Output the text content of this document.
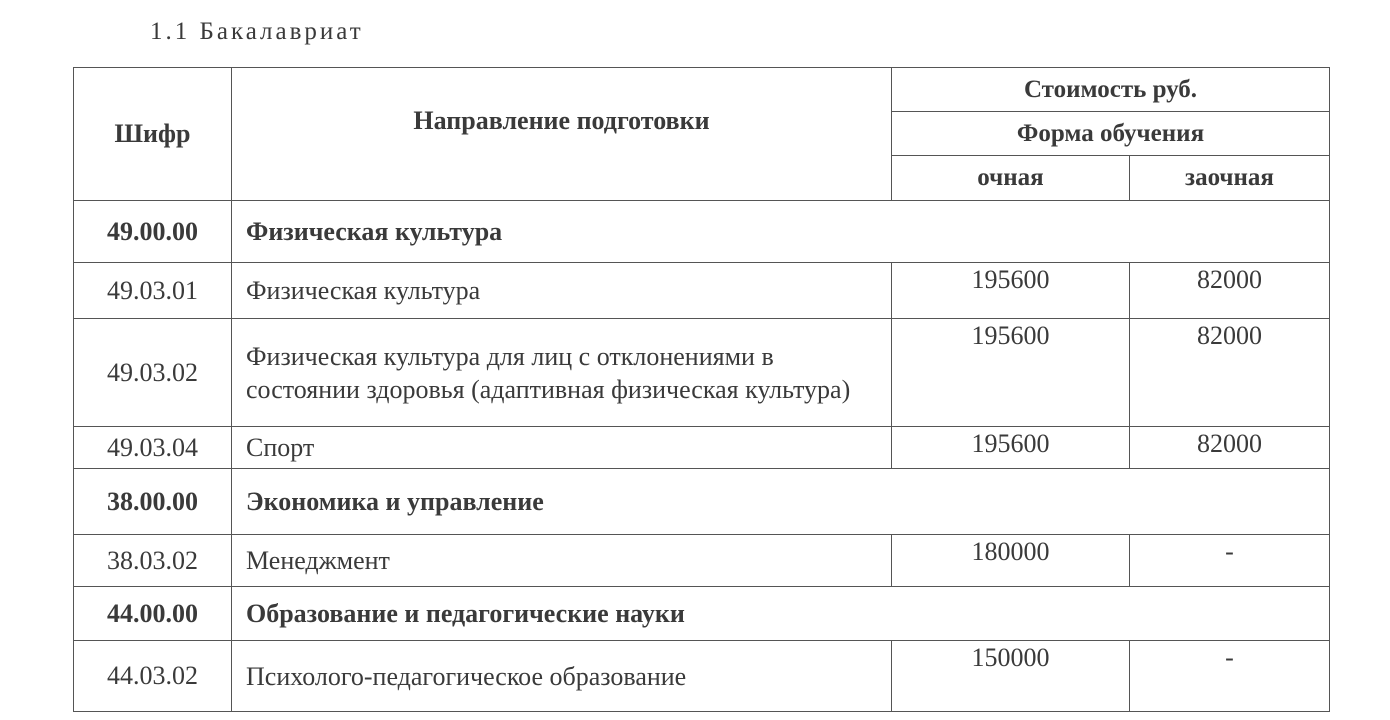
1.1 Бакалавриат
Шифр	Направление подготовки	Стоимость руб.	
		Форма обучения	
		очная	заочная
49.00.00	Физическая культура		
49.03.01	Физическая культура	195600	82000
49.03.02	Физическая культура для лиц с отклонениями в состоянии здоровья (адаптивная физическая культура)	195600	82000
49.03.04	Спорт	195600	82000
38.00.00	Экономика и управление		
38.03.02	Менеджмент	180000	-
44.00.00	Образование и педагогические науки		
44.03.02	Психолого-педагогическое образование	150000	-
